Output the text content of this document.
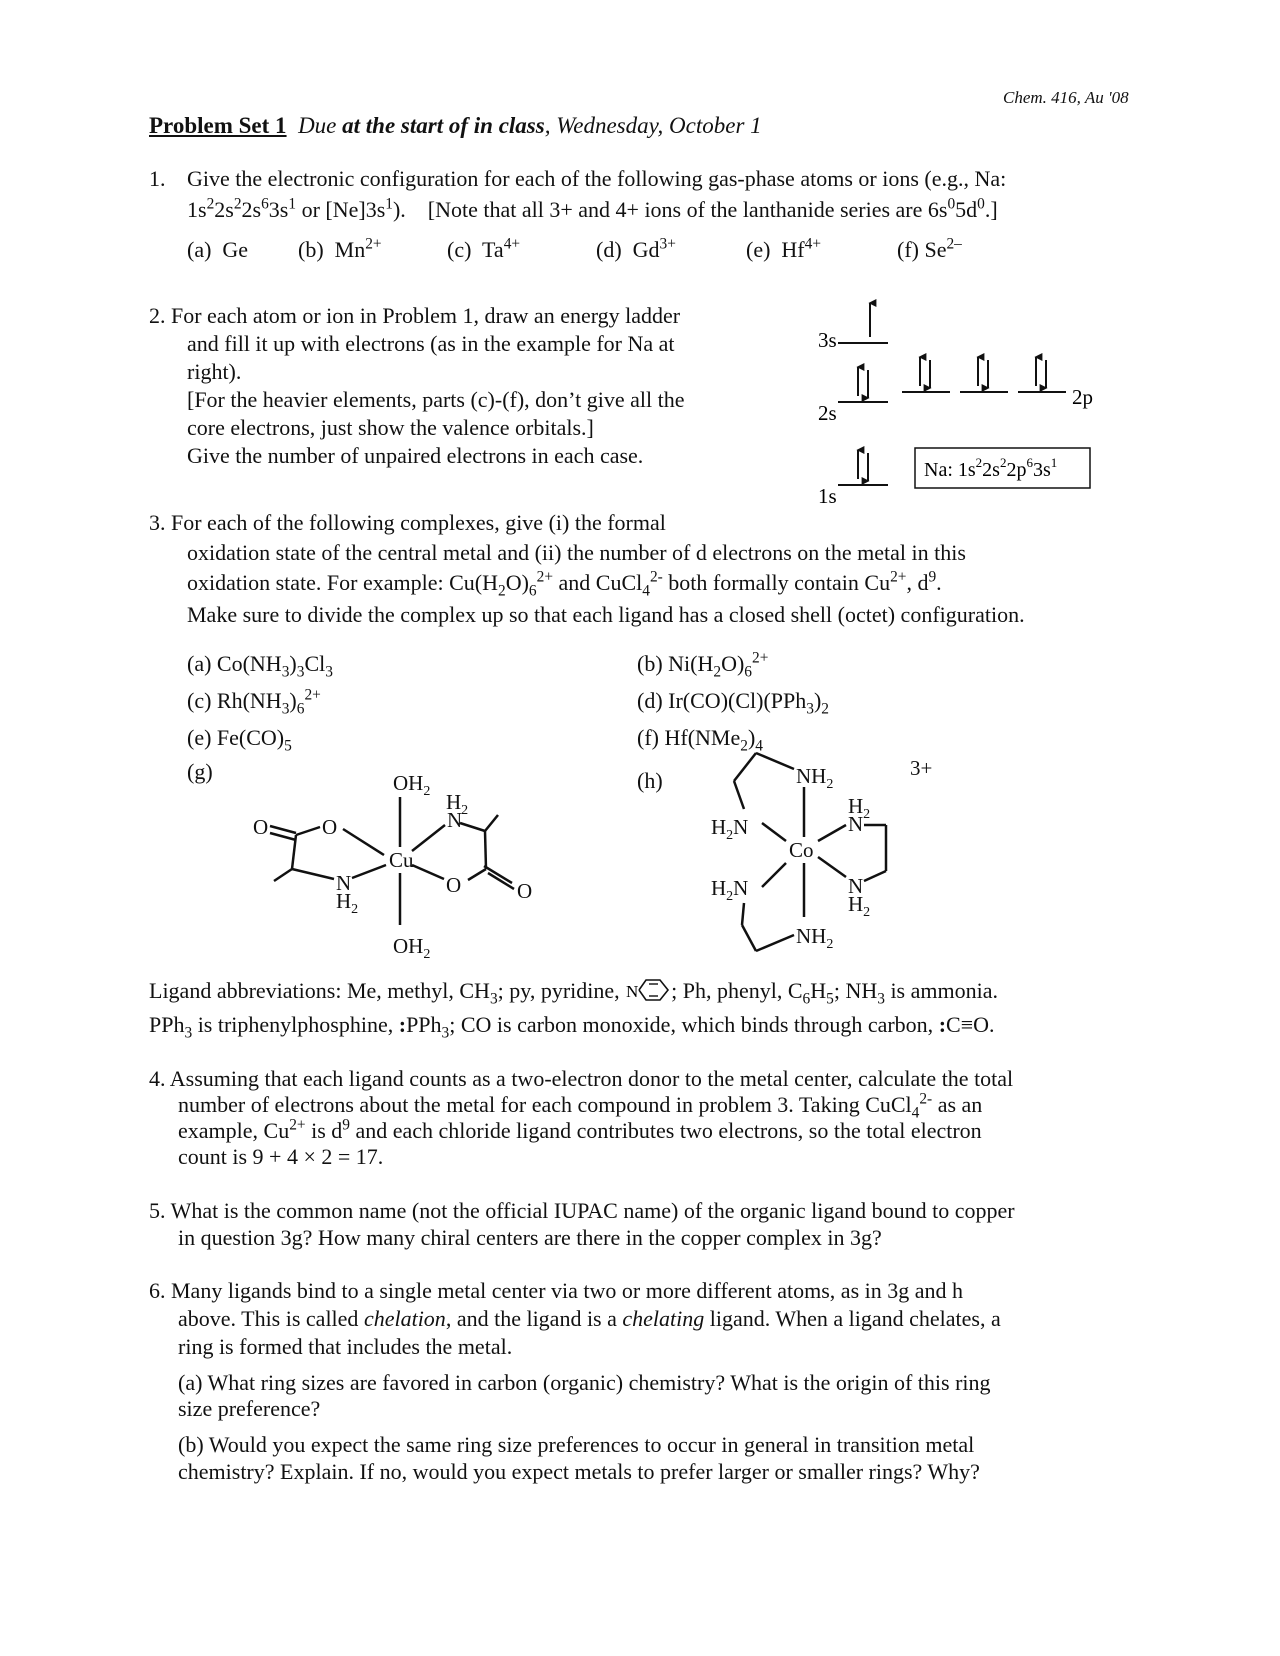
Chem. 416, Au '08
Problem Set 1 Due at the start of in class, Wednesday, October 1
1. Give the electronic configuration for each of the following gas-phase atoms or ions (e.g., Na:
$1s^22s^22s^63s^1$ or $[Ne]3s^1$). [Note that all 3+ and 4+ ions of the lanthanide series are $6s^05d^0$.]
(a) Ge (b) $Mn^{2+}$	(c) $Ta^{4+}$	(d) $Gd^{3+}$	(e) $Hf^{4+}$	(f) $Se^{2-}$
2. For each atom or ion in Problem 1, draw an energy ladder
and fill it up with electrons (as in the example for Na at
right).
[For the heavier elements, parts (c)-(f), don’t give all the
core electrons, just show the valence orbitals.]
Give the number of unpaired electrons in each case.
3s
2s
2p
1s
Na: $1s^22s^22p^63s^1$
3. For each of the following complexes, give (i) the formal
oxidation state of the central metal and (ii) the number of d electrons on the metal in this
oxidation state. For example: $Cu(H_2O)_6^{2+}$ and CuCl$_4^{2-}$ both formally contain $Cu^{2+}$, $d^9$.
Make sure to divide the complex up so that each ligand has a closed shell (octet) configuration.
(a) $Co(NH_3)_3Cl_3$	(b) $Ni(H_2O)_6^{2+}$
(c) $Rh(NH_3)_6^{2+}$	(d) $Ir(CO)(Cl)(PPh_3)_2$
(e) $Fe(CO)_5$	(f) $Hf(NMe_2)_4$
(g)	(h)
$OH_2$
$OH_2$
Cu
O	O	N
$H_2$
N
$H_2$
O	O
$NH_2$
$NH_2$
$H_2N$
$H_2N$
Co
N
$H_2$
N
$H_2$
3+
Ligand abbreviations: Me, methyl, $CH_3$; py, pyridine, N ; Ph, phenyl, $C_6H_5$; $NH_3$ is ammonia.
PPh$_3$ is triphenylphosphine, :PPh$_3$; CO is carbon monoxide, which binds through carbon, :C≡O.
4. Assuming that each ligand counts as a two-electron donor to the metal center, calculate the total
number of electrons about the metal for each compound in problem 3. Taking CuCl$_4^{2-}$ as an
example, $Cu^{2+}$ is $d^9$ and each chloride ligand contributes two electrons, so the total electron
count is 9 + 4 × 2 = 17.
5. What is the common name (not the official IUPAC name) of the organic ligand bound to copper
in question 3g? How many chiral centers are there in the copper complex in 3g?
6. Many ligands bind to a single metal center via two or more different atoms, as in 3g and h
above. This is called chelation, and the ligand is a chelating ligand. When a ligand chelates, a
ring is formed that includes the metal.
(a) What ring sizes are favored in carbon (organic) chemistry? What is the origin of this ring
size preference?
(b) Would you expect the same ring size preferences to occur in general in transition metal
chemistry? Explain. If no, would you expect metals to prefer larger or smaller rings? Why?
